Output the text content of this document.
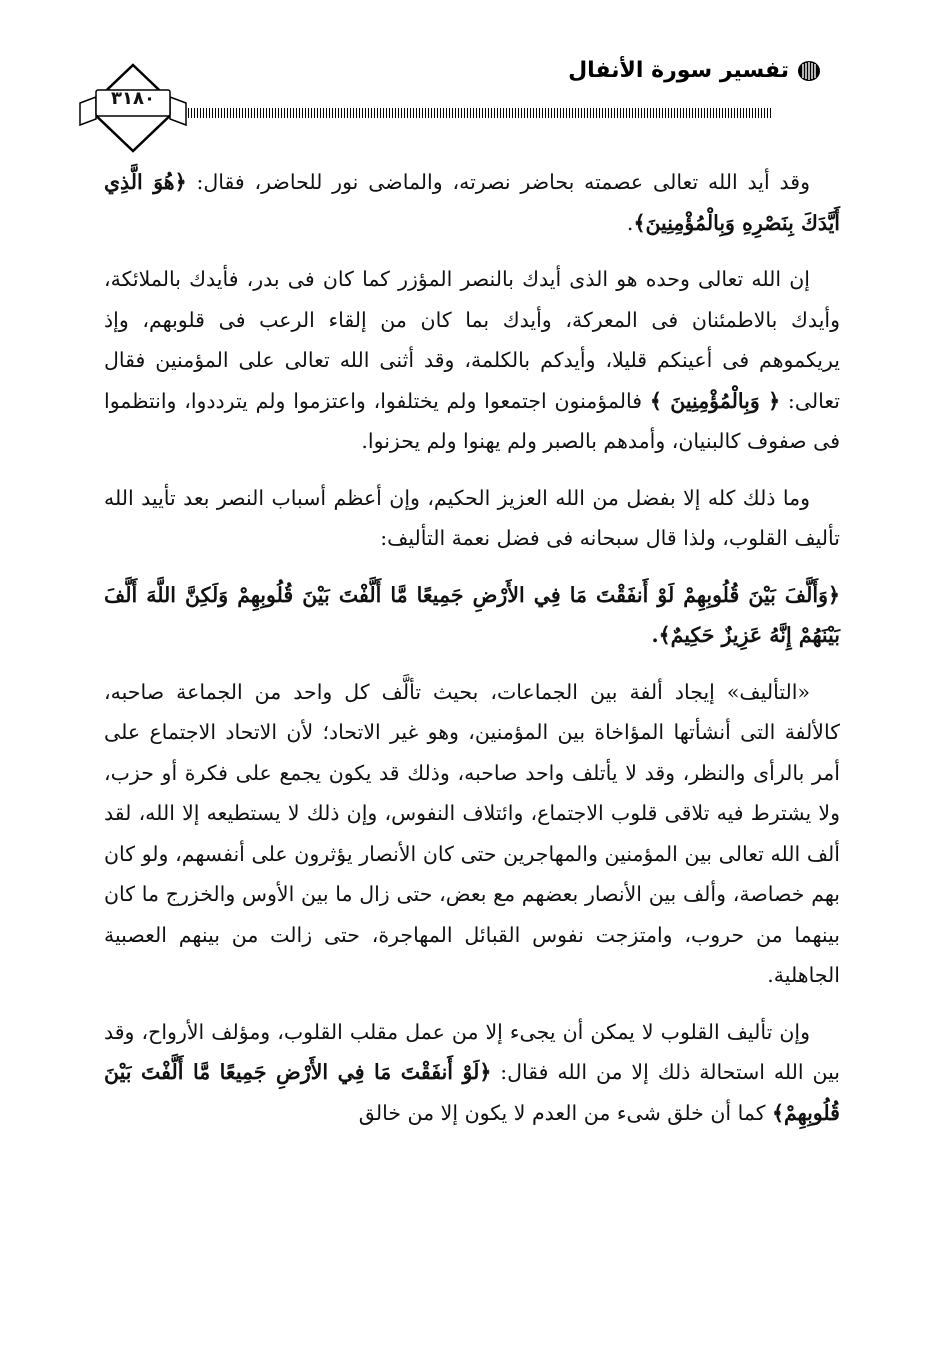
تفسير سورة الأنفال
٣١٨٠

وقد أيد الله تعالى عصمته بحاضر نصرته، والماضى نور للحاضر، فقال: ﴿هُوَ الَّذِي أَيَّدَكَ بِنَصْرِهِ وَبِالْمُؤْمِنِينَ﴾.

إن الله تعالى وحده هو الذى أيدك بالنصر المؤزر كما كان فى بدر، فأيدك بالملائكة، وأيدك بالاطمئنان فى المعركة، وأيدك بما كان من إلقاء الرعب فى قلوبهم، وإذ يريكموهم فى أعينكم قليلا، وأيدكم بالكلمة، وقد أثنى الله تعالى على المؤمنين فقال تعالى: ﴿ وَبِالْمُؤْمِنِينَ ﴾ فالمؤمنون اجتمعوا ولم يختلفوا، واعتزموا ولم يترددوا، وانتظموا فى صفوف كالبنيان، وأمدهم بالصبر ولم يهنوا ولم يحزنوا.

وما ذلك كله إلا بفضل من الله العزيز الحكيم، وإن أعظم أسباب النصر بعد تأييد الله تأليف القلوب، ولذا قال سبحانه فى فضل نعمة التأليف:

﴿وَأَلَّفَ بَيْنَ قُلُوبِهِمْ لَوْ أَنفَقْتَ مَا فِي الأَرْضِ جَمِيعًا مَّا أَلَّفْتَ بَيْنَ قُلُوبِهِمْ وَلَكِنَّ اللَّهَ أَلَّفَ بَيْنَهُمْ إِنَّهُ عَزِيزٌ حَكِيمٌ﴾.

«التأليف» إيجاد ألفة بين الجماعات، بحيث تألَّف كل واحد من الجماعة صاحبه، كالألفة التى أنشأتها المؤاخاة بين المؤمنين، وهو غير الاتحاد؛ لأن الاتحاد الاجتماع على أمر بالرأى والنظر، وقد لا يأتلف واحد صاحبه، وذلك قد يكون يجمع على فكرة أو حزب، ولا يشترط فيه تلاقى قلوب الاجتماع، وائتلاف النفوس، وإن ذلك لا يستطيعه إلا الله، لقد ألف الله تعالى بين المؤمنين والمهاجرين حتى كان الأنصار يؤثرون على أنفسهم، ولو كان بهم خصاصة، وألف بين الأنصار بعضهم مع بعض، حتى زال ما بين الأوس والخزرج ما كان بينهما من حروب، وامتزجت نفوس القبائل المهاجرة، حتى زالت من بينهم العصبية الجاهلية.

وإن تأليف القلوب لا يمكن أن يجىء إلا من عمل مقلب القلوب، ومؤلف الأرواح، وقد بين الله استحالة ذلك إلا من الله فقال: ﴿لَوْ أَنفَقْتَ مَا فِي الأَرْضِ جَمِيعًا مَّا أَلَّفْتَ بَيْنَ قُلُوبِهِمْ﴾ كما أن خلق شىء من العدم لا يكون إلا من خالق
